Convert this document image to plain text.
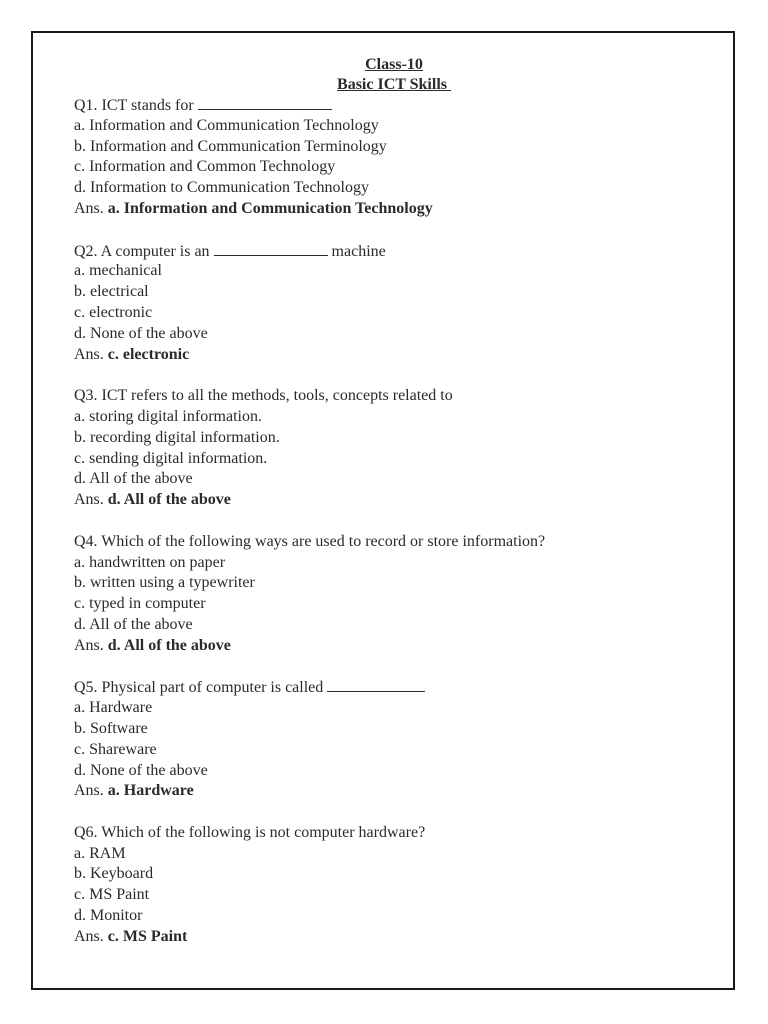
Class-10
Basic ICT Skills
Q1. ICT stands for
a. Information and Communication Technology
b. Information and Communication Terminology
c. Information and Common Technology
d. Information to Communication Technology
Ans. a. Information and Communication Technology
Q2. A computer is an	machine
a. mechanical
b. electrical
c. electronic
d. None of the above
Ans. c. electronic
Q3. ICT refers to all the methods, tools, concepts related to
a. storing digital information.
b. recording digital information.
c. sending digital information.
d. All of the above
Ans. d. All of the above
Q4. Which of the following ways are used to record or store information?
a. handwritten on paper
b. written using a typewriter
c. typed in computer
d. All of the above
Ans. d. All of the above
Q5. Physical part of computer is called
a. Hardware
b. Software
c. Shareware
d. None of the above
Ans. a. Hardware
Q6. Which of the following is not computer hardware?
a. RAM
b. Keyboard
c. MS Paint
d. Monitor
Ans. c. MS Paint
